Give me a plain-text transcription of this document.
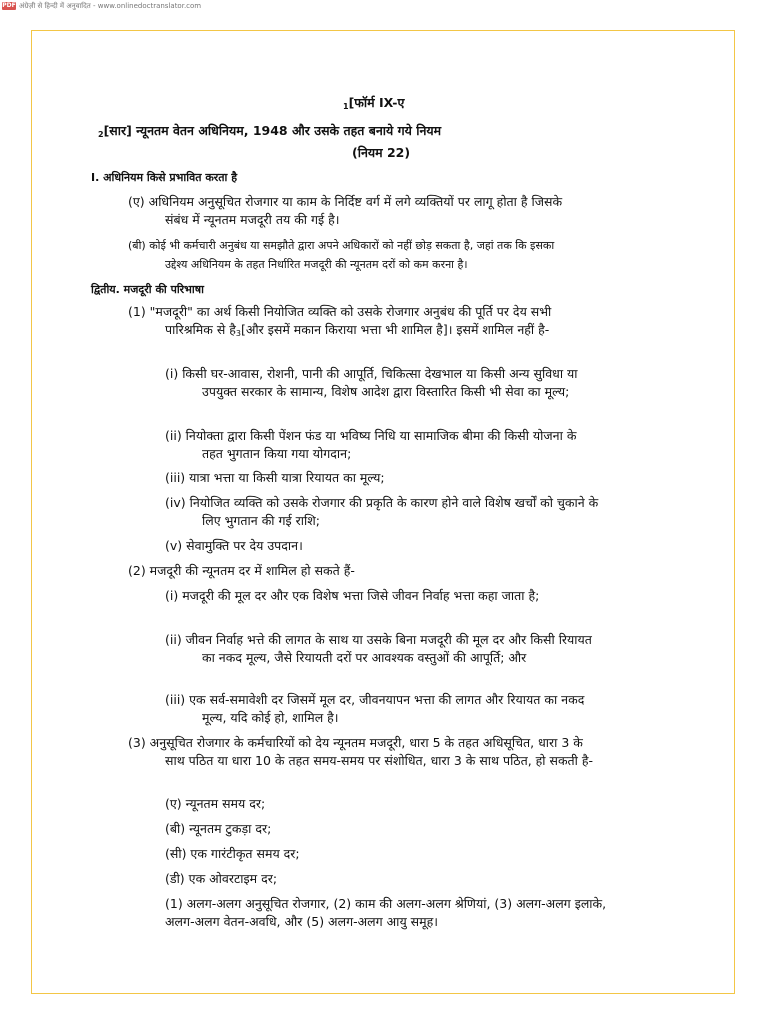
PDF अंग्रेज़ी से हिन्दी में अनुवादित - www.onlinedoctranslator.com
$_1$[फॉर्म IX-ए
$_2$[सार] न्यूनतम वेतन अधिनियम, 1948 और उसके तहत बनाये गये नियम
(नियम 22)
I. अधिनियम किसे प्रभावित करता है
(ए) अधिनियम अनुसूचित रोजगार या काम के निर्दिष्ट वर्ग में लगे व्यक्तियों पर लागू होता है जिसके
संबंध में न्यूनतम मजदूरी तय की गई है।
(बी) कोई भी कर्मचारी अनुबंध या समझौते द्वारा अपने अधिकारों को नहीं छोड़ सकता है, जहां तक कि इसका
उद्देश्य अधिनियम के तहत निर्धारित मजदूरी की न्यूनतम दरों को कम करना है।
द्वितीय. मजदूरी की परिभाषा
(1) "मजदूरी" का अर्थ किसी नियोजित व्यक्ति को उसके रोजगार अनुबंध की पूर्ति पर देय सभी
पारिश्रमिक से $है_3[और$ इसमें मकान किराया भत्ता भी शामिल है]। इसमें शामिल नहीं है-
(i) किसी घर-आवास, रोशनी, पानी की आपूर्ति, चिकित्सा देखभाल या किसी अन्य सुविधा या
उपयुक्त सरकार के सामान्य, विशेष आदेश द्वारा विस्तारित किसी भी सेवा का मूल्य;
(ii) नियोक्ता द्वारा किसी पेंशन फंड या भविष्य निधि या सामाजिक बीमा की किसी योजना के
तहत भुगतान किया गया योगदान;
(iii) यात्रा भत्ता या किसी यात्रा रियायत का मूल्य;
(iv) नियोजित व्यक्ति को उसके रोजगार की प्रकृति के कारण होने वाले विशेष खर्चों को चुकाने के
लिए भुगतान की गई राशि;
(v) सेवामुक्ति पर देय उपदान।
(2) मजदूरी की न्यूनतम दर में शामिल हो सकते हैं-
(i) मजदूरी की मूल दर और एक विशेष भत्ता जिसे जीवन निर्वाह भत्ता कहा जाता है;
(ii) जीवन निर्वाह भत्ते की लागत के साथ या उसके बिना मजदूरी की मूल दर और किसी रियायत
का नकद मूल्य, जैसे रियायती दरों पर आवश्यक वस्तुओं की आपूर्ति; और
(iii) एक सर्व-समावेशी दर जिसमें मूल दर, जीवनयापन भत्ता की लागत और रियायत का नकद
मूल्य, यदि कोई हो, शामिल है।
(3) अनुसूचित रोजगार के कर्मचारियों को देय न्यूनतम मजदूरी, धारा 5 के तहत अधिसूचित, धारा 3 के
साथ पठित या धारा 10 के तहत समय-समय पर संशोधित, धारा 3 के साथ पठित, हो सकती है-
(ए) न्यूनतम समय दर;
(बी) न्यूनतम टुकड़ा दर;
(सी) एक गारंटीकृत समय दर;
(डी) एक ओवरटाइम दर;
(1) अलग-अलग अनुसूचित रोजगार, (2) काम की अलग-अलग श्रेणियां, (3) अलग-अलग इलाके,
अलग-अलग वेतन-अवधि, और (5) अलग-अलग आयु समूह।
